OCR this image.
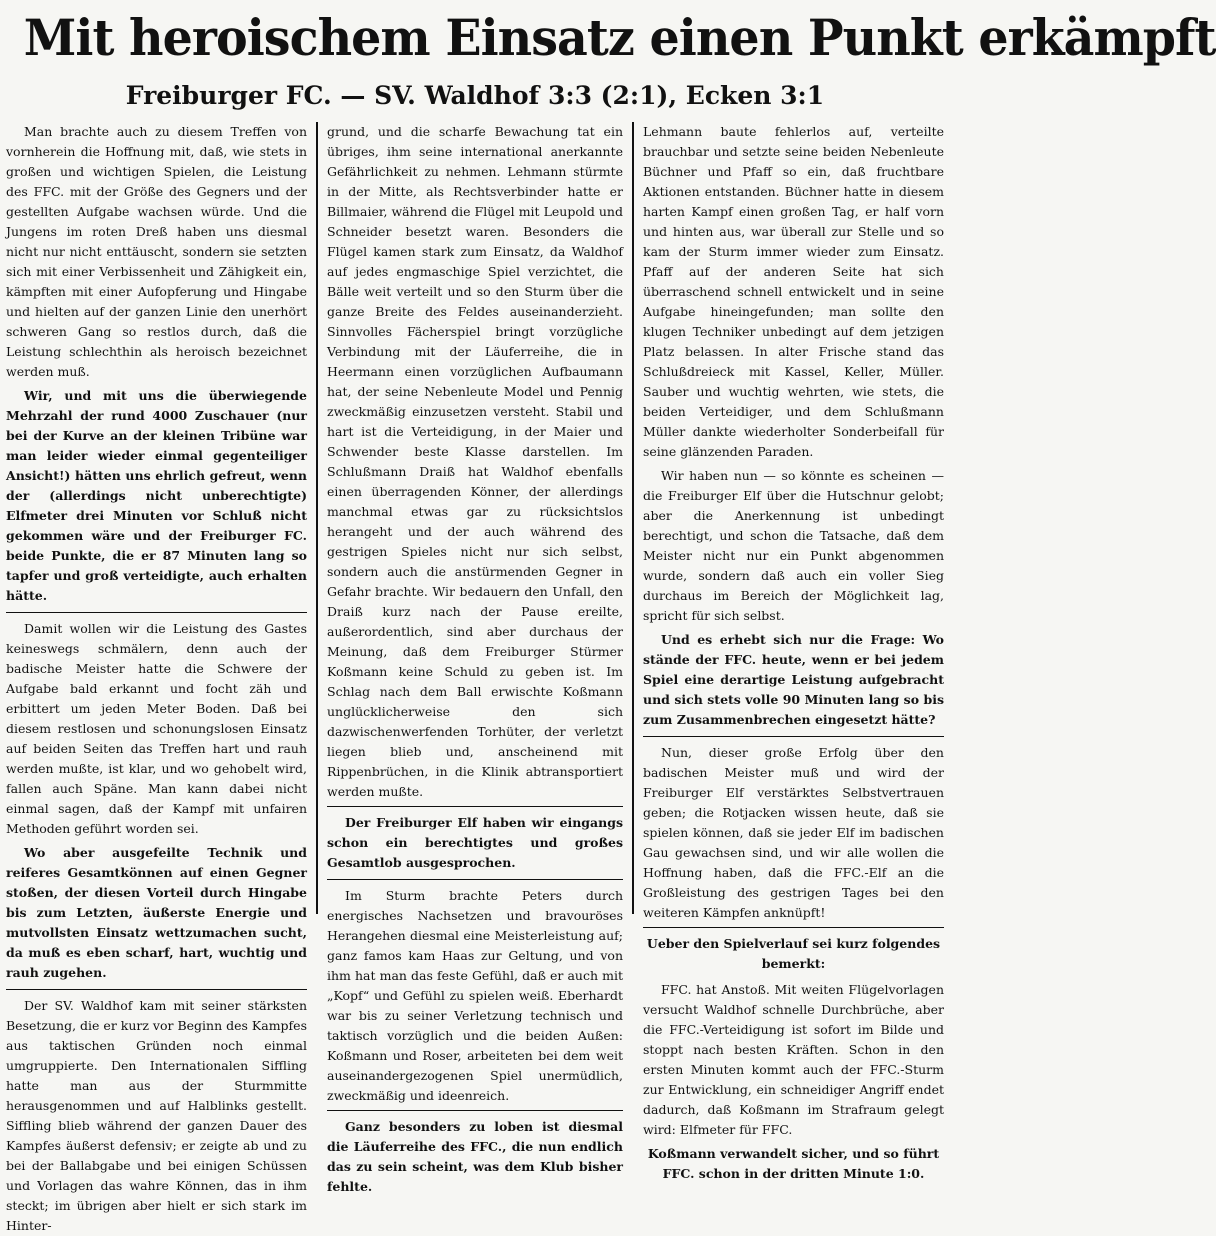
Mit heroischem Einsatz einen Punkt erkämpft
Freiburger FC. — SV. Waldhof 3:3 (2:1), Ecken 3:1

Man brachte auch zu diesem Treffen von vornherein die Hoffnung mit, daß, wie stets in großen und wichtigen Spielen, die Leistung des FFC. mit der Größe des Gegners und der gestellten Aufgabe wachsen würde. Und die Jungens im roten Dreß haben uns diesmal nicht nur nicht enttäuscht, sondern sie setzten sich mit einer Verbissenheit und Zähigkeit ein, kämpften mit einer Aufopferung und Hingabe und hielten auf der ganzen Linie den unerhört schweren Gang so restlos durch, daß die Leistung schlechthin als heroisch bezeichnet werden muß.

Wir, und mit uns die überwiegende Mehrzahl der rund 4000 Zuschauer (nur bei der Kurve an der kleinen Tribüne war man leider wieder einmal gegenteiliger Ansicht!) hätten uns ehrlich gefreut, wenn der (allerdings nicht unberechtigte) Elfmeter drei Minuten vor Schluß nicht gekommen wäre und der Freiburger FC. beide Punkte, die er 87 Minuten lang so tapfer und groß verteidigte, auch erhalten hätte.

Damit wollen wir die Leistung des Gastes keineswegs schmälern, denn auch der badische Meister hatte die Schwere der Aufgabe bald erkannt und focht zäh und erbittert um jeden Meter Boden. Daß bei diesem restlosen und schonungslosen Einsatz auf beiden Seiten das Treffen hart und rauh werden mußte, ist klar, und wo gehobelt wird, fallen auch Späne. Man kann dabei nicht einmal sagen, daß der Kampf mit unfairen Methoden geführt worden sei.

Wo aber ausgefeilte Technik und reiferes Gesamtkönnen auf einen Gegner stoßen, der diesen Vorteil durch Hingabe bis zum Letzten, äußerste Energie und mutvollsten Einsatz wettzumachen sucht, da muß es eben scharf, hart, wuchtig und rauh zugehen.

Der SV. Waldhof kam mit seiner stärksten Besetzung, die er kurz vor Beginn des Kampfes aus taktischen Gründen noch einmal umgruppierte. Den Internationalen Siffling hatte man aus der Sturmmitte herausgenommen und auf Halblinks gestellt. Siffling blieb während der ganzen Dauer des Kampfes äußerst defensiv; er zeigte ab und zu bei der Ballabgabe und bei einigen Schüssen und Vorlagen das wahre Können, das in ihm steckt; im übrigen aber hielt er sich stark im Hinter-

grund, und die scharfe Bewachung tat ein übriges, ihm seine international anerkannte Gefährlichkeit zu nehmen. Lehmann stürmte in der Mitte, als Rechtsverbinder hatte er Billmaier, während die Flügel mit Leupold und Schneider besetzt waren. Besonders die Flügel kamen stark zum Einsatz, da Waldhof auf jedes engmaschige Spiel verzichtet, die Bälle weit verteilt und so den Sturm über die ganze Breite des Feldes auseinanderzieht. Sinnvolles Fächerspiel bringt vorzügliche Verbindung mit der Läuferreihe, die in Heermann einen vorzüglichen Aufbaumann hat, der seine Nebenleute Model und Pennig zweckmäßig einzusetzen versteht. Stabil und hart ist die Verteidigung, in der Maier und Schwender beste Klasse darstellen. Im Schlußmann Draiß hat Waldhof ebenfalls einen überragenden Könner, der allerdings manchmal etwas gar zu rücksichtslos herangeht und der auch während des gestrigen Spieles nicht nur sich selbst, sondern auch die anstürmenden Gegner in Gefahr brachte. Wir bedauern den Unfall, den Draiß kurz nach der Pause ereilte, außerordentlich, sind aber durchaus der Meinung, daß dem Freiburger Stürmer Koßmann keine Schuld zu geben ist. Im Schlag nach dem Ball erwischte Koßmann unglücklicherweise den sich dazwischenwerfenden Torhüter, der verletzt liegen blieb und, anscheinend mit Rippenbrüchen, in die Klinik abtransportiert werden mußte.

Der Freiburger Elf haben wir eingangs schon ein berechtigtes und großes Gesamtlob ausgesprochen.

Im Sturm brachte Peters durch energisches Nachsetzen und bravouröses Herangehen diesmal eine Meisterleistung auf; ganz famos kam Haas zur Geltung, und von ihm hat man das feste Gefühl, daß er auch mit „Kopf“ und Gefühl zu spielen weiß. Eberhardt war bis zu seiner Verletzung technisch und taktisch vorzüglich und die beiden Außen: Koßmann und Roser, arbeiteten bei dem weit auseinandergezogenen Spiel unermüdlich, zweckmäßig und ideenreich.

Ganz besonders zu loben ist diesmal die Läuferreihe des FFC., die nun endlich das zu sein scheint, was dem Klub bisher fehlte.

Lehmann baute fehlerlos auf, verteilte brauchbar und setzte seine beiden Nebenleute Büchner und Pfaff so ein, daß fruchtbare Aktionen entstanden. Büchner hatte in diesem harten Kampf einen großen Tag, er half vorn und hinten aus, war überall zur Stelle und so kam der Sturm immer wieder zum Einsatz. Pfaff auf der anderen Seite hat sich überraschend schnell entwickelt und in seine Aufgabe hineingefunden; man sollte den klugen Techniker unbedingt auf dem jetzigen Platz belassen. In alter Frische stand das Schlußdreieck mit Kassel, Keller, Müller. Sauber und wuchtig wehrten, wie stets, die beiden Verteidiger, und dem Schlußmann Müller dankte wiederholter Sonderbeifall für seine glänzenden Paraden.

Wir haben nun — so könnte es scheinen — die Freiburger Elf über die Hutschnur gelobt; aber die Anerkennung ist unbedingt berechtigt, und schon die Tatsache, daß dem Meister nicht nur ein Punkt abgenommen wurde, sondern daß auch ein voller Sieg durchaus im Bereich der Möglichkeit lag, spricht für sich selbst.

Und es erhebt sich nur die Frage: Wo stände der FFC. heute, wenn er bei jedem Spiel eine derartige Leistung aufgebracht und sich stets volle 90 Minuten lang so bis zum Zusammenbrechen eingesetzt hätte?

Nun, dieser große Erfolg über den badischen Meister muß und wird der Freiburger Elf verstärktes Selbstvertrauen geben; die Rotjacken wissen heute, daß sie spielen können, daß sie jeder Elf im badischen Gau gewachsen sind, und wir alle wollen die Hoffnung haben, daß die FFC.-Elf an die Großleistung des gestrigen Tages bei den weiteren Kämpfen anknüpft!

Ueber den Spielverlauf sei kurz folgendes bemerkt:

FFC. hat Anstoß. Mit weiten Flügelvorlagen versucht Waldhof schnelle Durchbrüche, aber die FFC.-Verteidigung ist sofort im Bilde und stoppt nach besten Kräften. Schon in den ersten Minuten kommt auch der FFC.-Sturm zur Entwicklung, ein schneidiger Angriff endet dadurch, daß Koßmann im Strafraum gelegt wird: Elfmeter für FFC.

Koßmann verwandelt sicher, und so führt FFC. schon in der dritten Minute 1:0.
